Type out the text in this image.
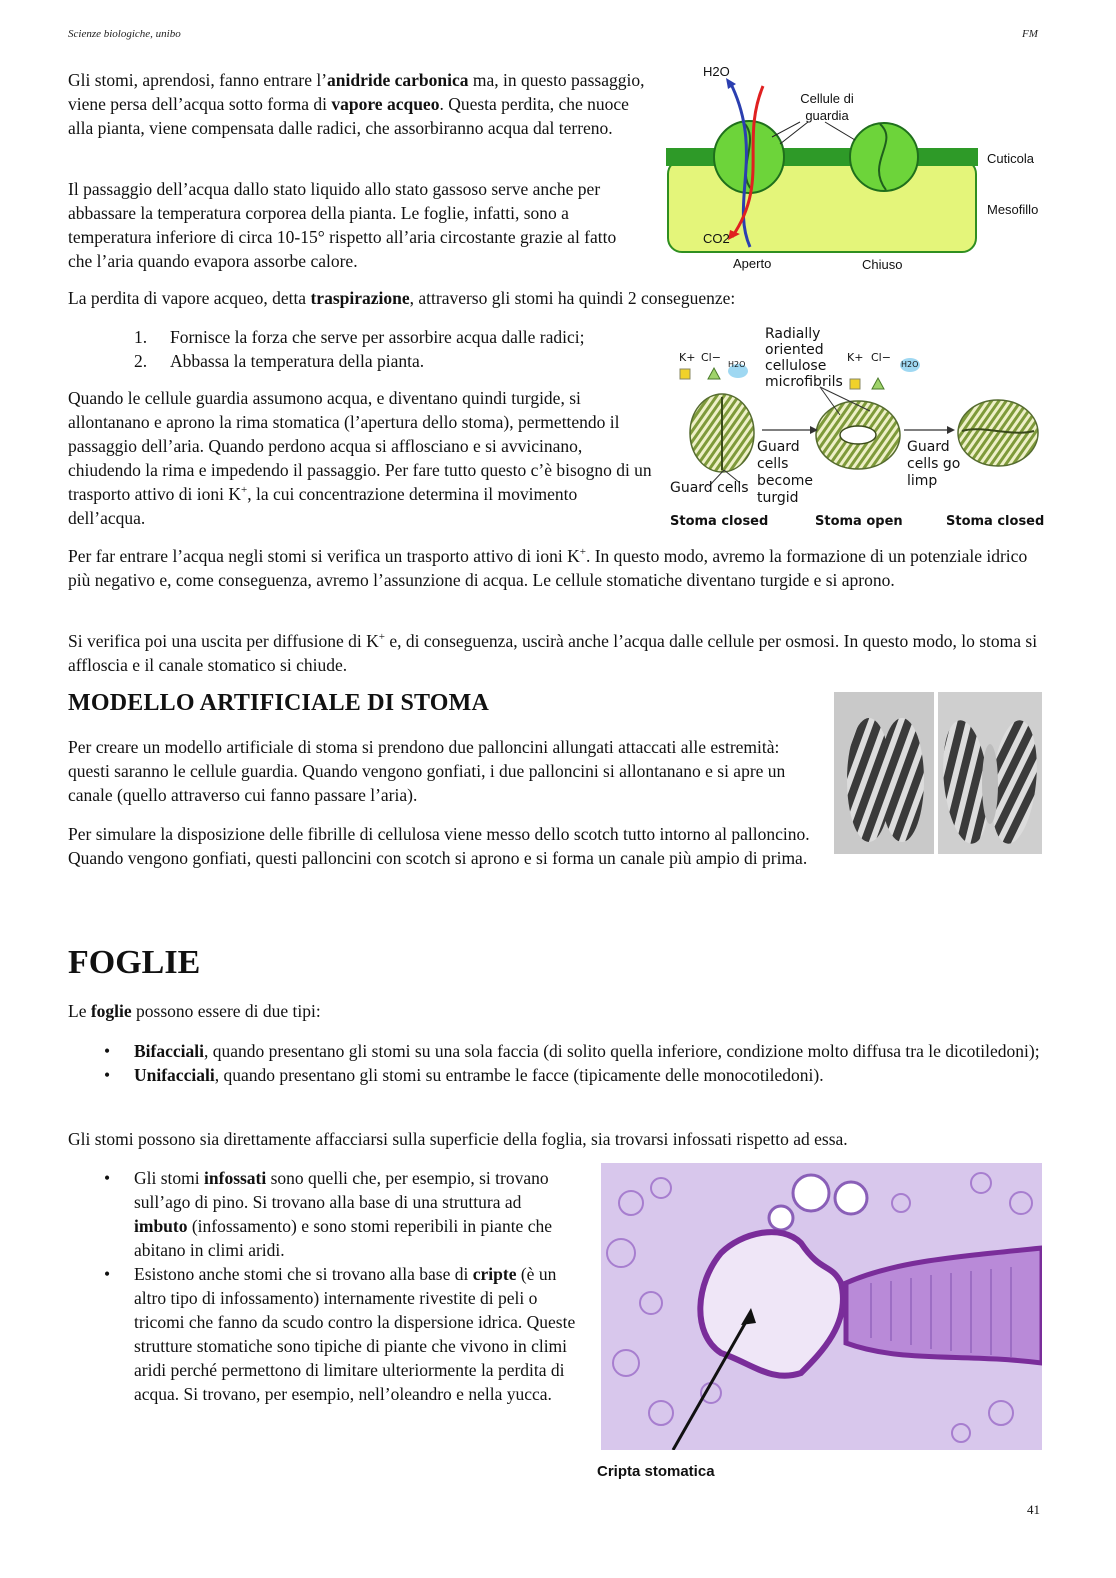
Scienze biologiche, unibo	FM

Gli stomi, aprendosi, fanno entrare l’anidride carbonica ma, in questo passaggio, viene persa dell’acqua sotto forma di vapore acqueo. Questa perdita, che nuoce alla pianta, viene compensata dalle radici, che assorbiranno acqua dal terreno.

Il passaggio dell’acqua dallo stato liquido allo stato gassoso serve anche per abbassare la temperatura corporea della pianta. Le foglie, infatti, sono a temperatura inferiore di circa 10-15° rispetto all’aria circostante grazie al fatto che l’aria quando evapora assorbe calore.

H2O
Cellule di guardia
Cuticola
Mesofillo
CO2
Aperto	Chiuso

La perdita di vapore acqueo, detta traspirazione, attraverso gli stomi ha quindi 2 conseguenze:

1. Fornisce la forza che serve per assorbire acqua dalle radici;
2. Abbassa la temperatura della pianta.

Quando le cellule guardia assumono acqua, e diventano quindi turgide, si allontanano e aprono la rima stomatica (l’apertura dello stoma), permettendo il passaggio dell’aria. Quando perdono acqua si afflosciano e si avvicinano, chiudendo la rima e impedendo il passaggio. Per fare tutto questo c’è bisogno di un trasporto attivo di ioni K+, la cui concentrazione determina il movimento dell’acqua.

K+ Cl−
H2O
K+ Cl−
H2O
Radially oriented cellulose microfibrils
Guard cells
Guard cells become turgid
Guard cells go limp
Stoma closed	Stoma open	Stoma closed

Per far entrare l’acqua negli stomi si verifica un trasporto attivo di ioni K+. In questo modo, avremo la formazione di un potenziale idrico più negativo e, come conseguenza, avremo l’assunzione di acqua. Le cellule stomatiche diventano turgide e si aprono.

Si verifica poi una uscita per diffusione di K+ e, di conseguenza, uscirà anche l’acqua dalle cellule per osmosi. In questo modo, lo stoma si affloscia e il canale stomatico si chiude.

MODELLO ARTIFICIALE DI STOMA

Per creare un modello artificiale di stoma si prendono due palloncini allungati attaccati alle estremità: questi saranno le cellule guardia. Quando vengono gonfiati, i due palloncini si allontanano e si apre un canale (quello attraverso cui fanno passare l’aria).

Per simulare la disposizione delle fibrille di cellulosa viene messo dello scotch tutto intorno al palloncino. Quando vengono gonfiati, questi palloncini con scotch si aprono e si forma un canale più ampio di prima.

FOGLIE

Le foglie possono essere di due tipi:

• Bifacciali, quando presentano gli stomi su una sola faccia (di solito quella inferiore, condizione molto diffusa tra le dicotiledoni);
• Unifacciali, quando presentano gli stomi su entrambe le facce (tipicamente delle monocotiledoni).

Gli stomi possono sia direttamente affacciarsi sulla superficie della foglia, sia trovarsi infossati rispetto ad essa.

• Gli stomi infossati sono quelli che, per esempio, si trovano sull’ago di pino. Si trovano alla base di una struttura ad imbuto (infossamento) e sono stomi reperibili in piante che abitano in climi aridi.
• Esistono anche stomi che si trovano alla base di cripte (è un altro tipo di infossamento) internamente rivestite di peli o tricomi che fanno da scudo contro la dispersione idrica. Queste strutture stomatiche sono tipiche di piante che vivono in climi aridi perché permettono di limitare ulteriormente la perdita di acqua. Si trovano, per esempio, nell’oleandro e nella yucca.
Cripta stomatica
41
